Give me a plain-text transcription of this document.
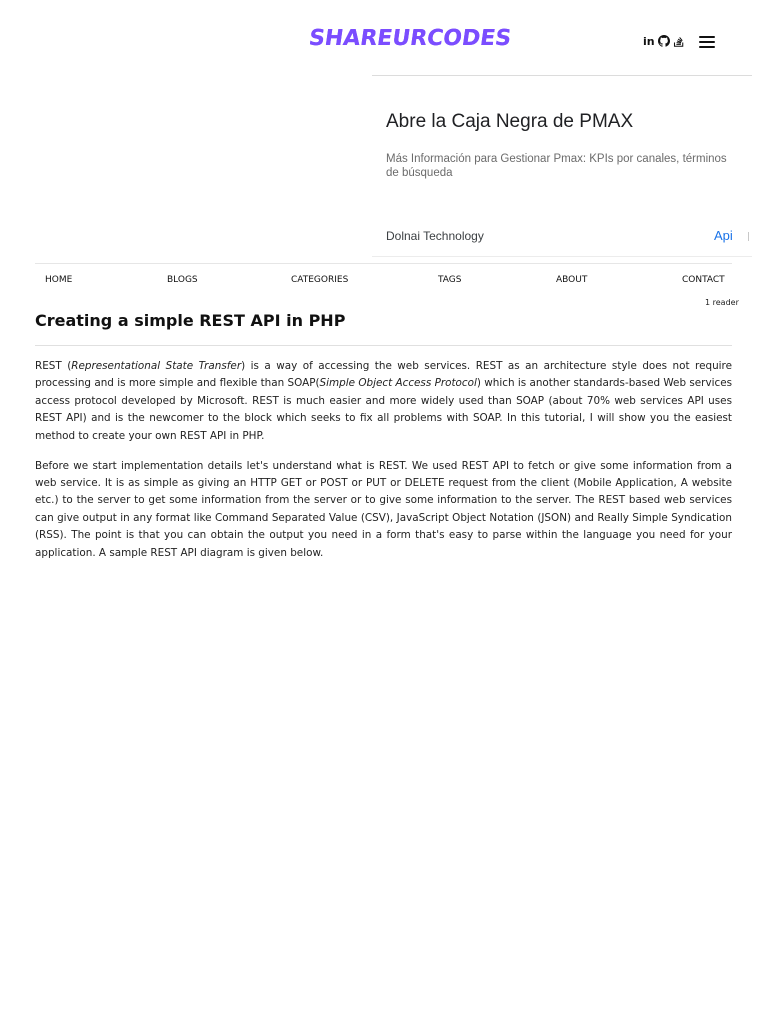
SHAREURCODES	in
Abre la Caja Negra de PMAX
Más Información para Gestionar Pmax: KPIs por canales, términos de búsqueda
Dolnai Technology	Api
HOME	BLOGS	CATEGORIES	TAGS	ABOUT	CONTACT
1 reader
Creating a simple REST API in PHP

REST (Representational State Transfer) is a way of accessing the web services. REST as an architecture style does not require processing and is more simple and flexible than SOAP(Simple Object Access Protocol) which is another standards-based Web services access protocol developed by Microsoft. REST is much easier and more widely used than SOAP (about 70% web services API uses REST API) and is the newcomer to the block which seeks to fix all problems with SOAP. In this tutorial, I will show you the easiest method to create your own REST API in PHP.

Before we start implementation details let's understand what is REST. We used REST API to fetch or give some information from a web service. It is as simple as giving an HTTP GET or POST or PUT or DELETE request from the client (Mobile Application, A website etc.) to the server to get some information from the server or to give some information to the server. The REST based web services can give output in any format like Command Separated Value (CSV), JavaScript Object Notation (JSON) and Really Simple Syndication (RSS). The point is that you can obtain the output you need in a form that's easy to parse within the language you need for your application. A sample REST API diagram is given below.
